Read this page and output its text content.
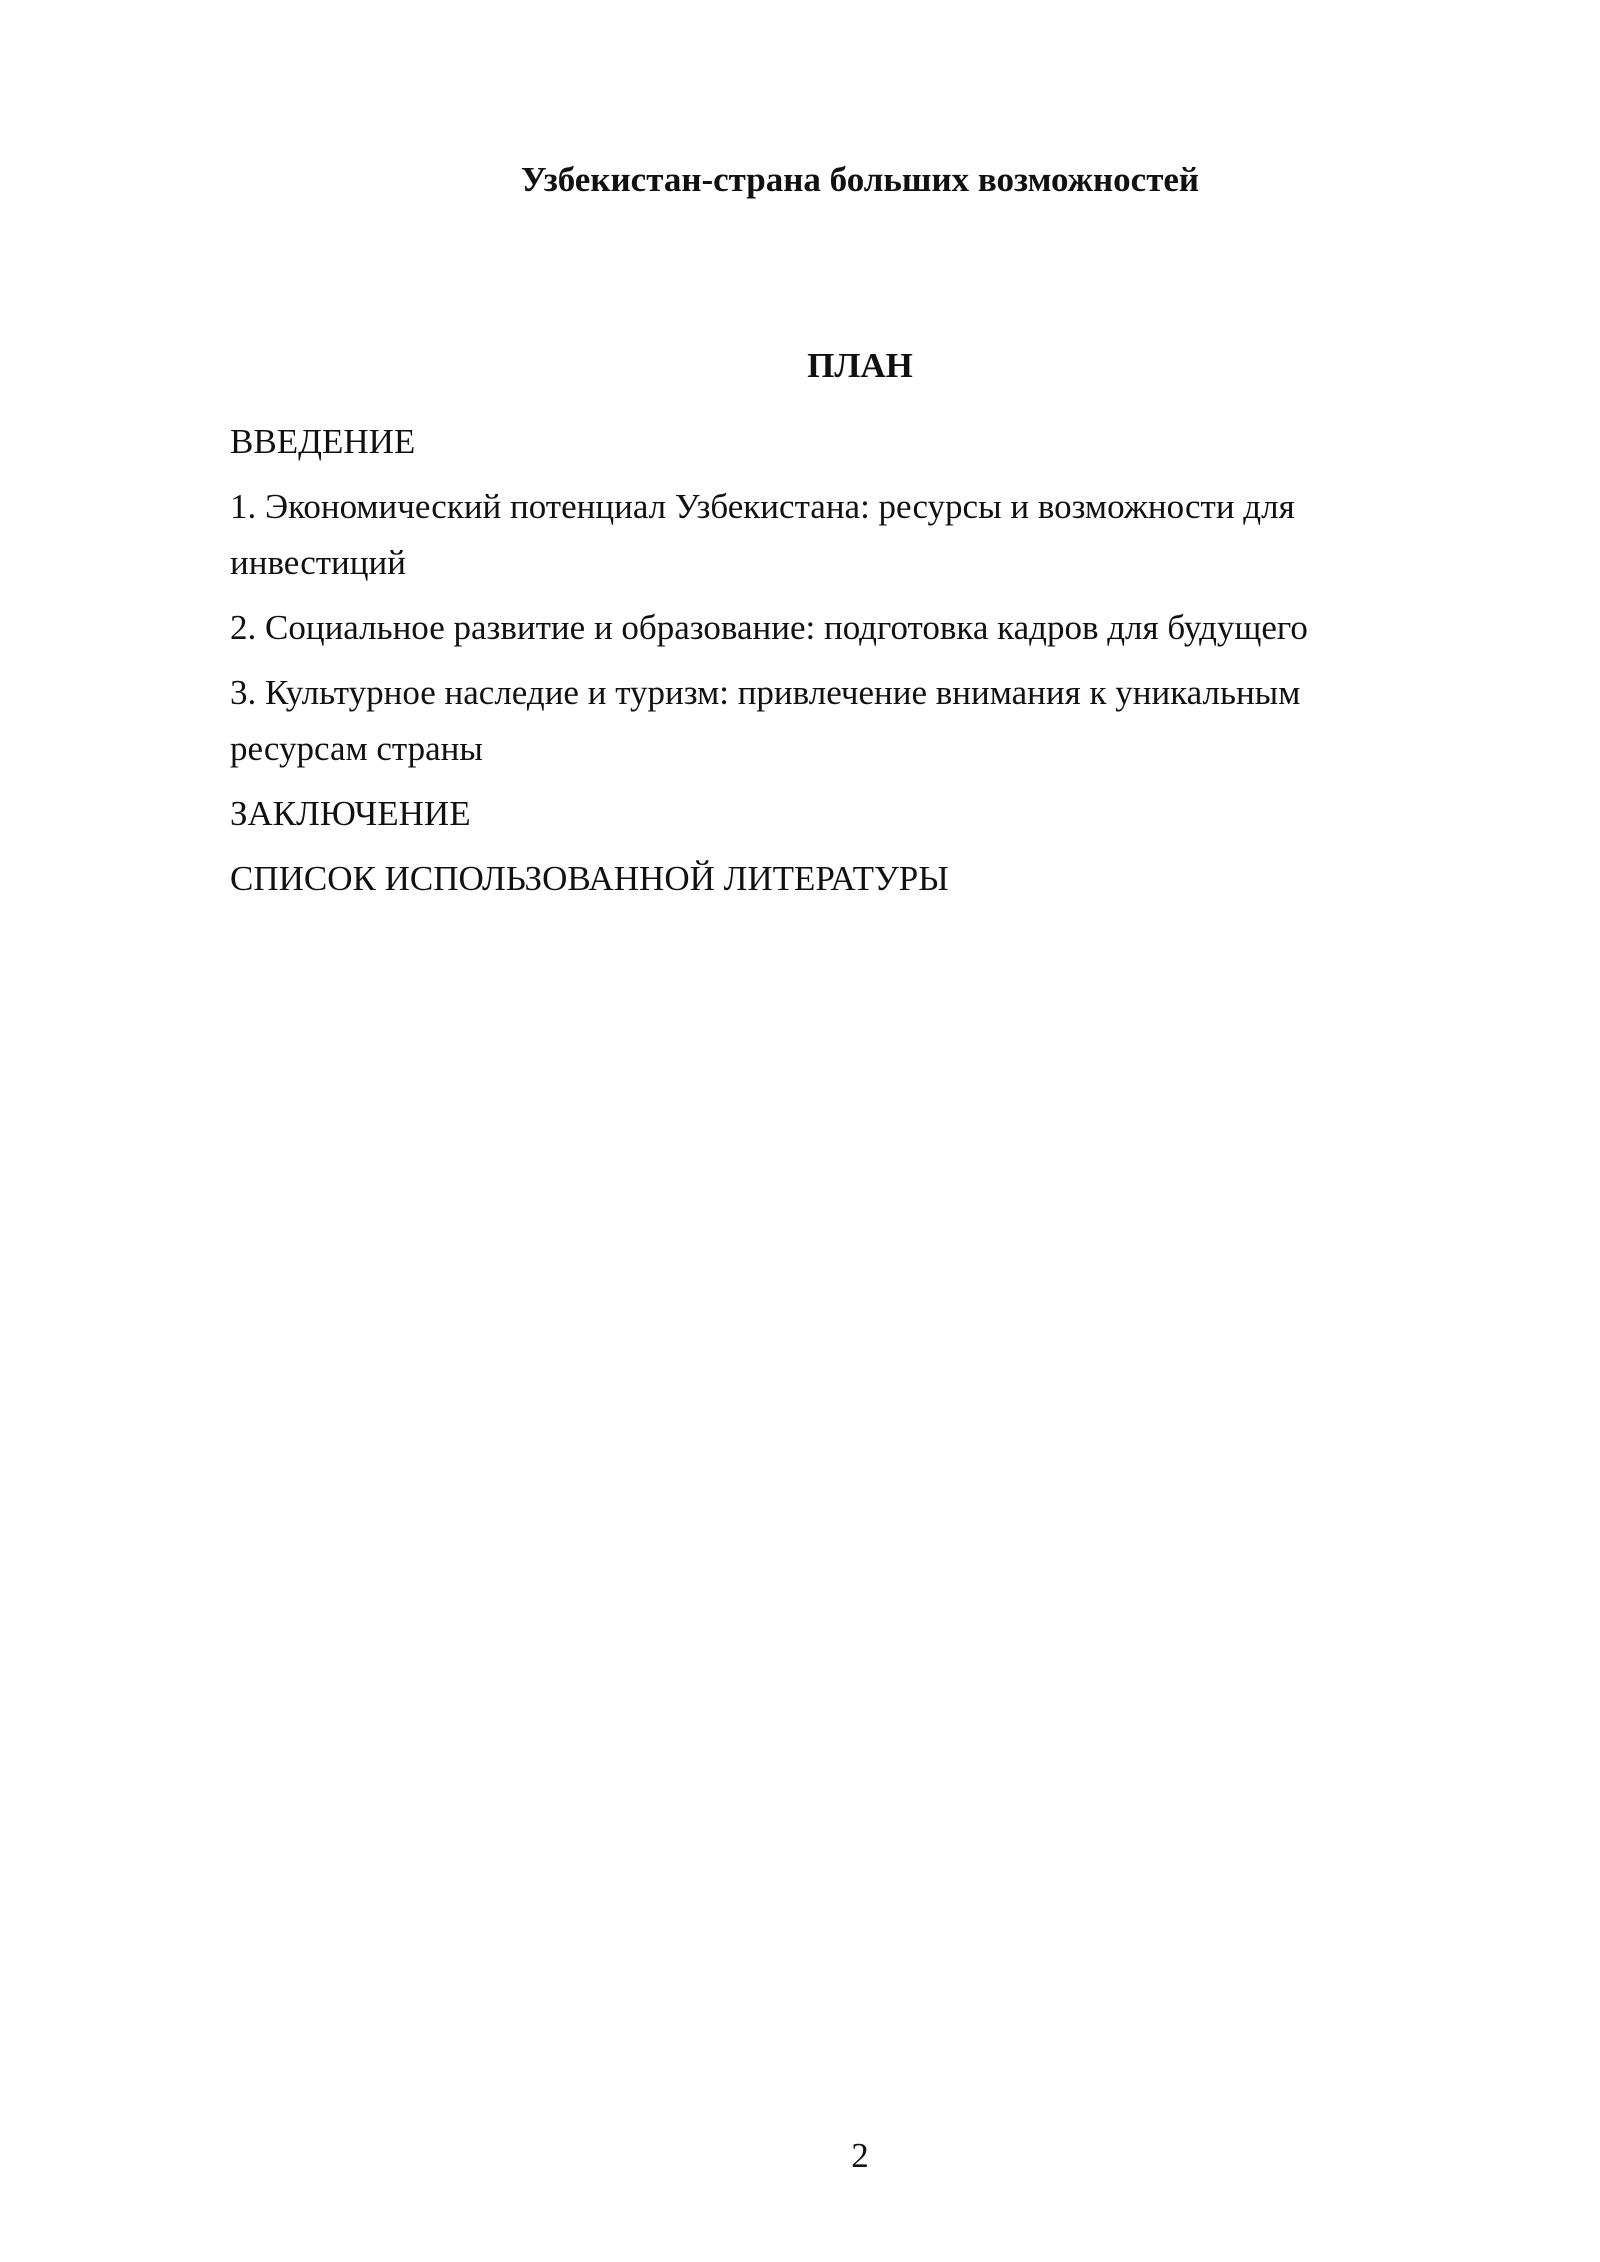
Узбекистан-страна больших возможностей
ПЛАН
ВВЕДЕНИЕ
1. Экономический потенциал Узбекистана: ресурсы и возможности для инвестиций
2. Социальное развитие и образование: подготовка кадров для будущего
3. Культурное наследие и туризм: привлечение внимания к уникальным ресурсам страны
ЗАКЛЮЧЕНИЕ
СПИСОК ИСПОЛЬЗОВАННОЙ ЛИТЕРАТУРЫ
2
